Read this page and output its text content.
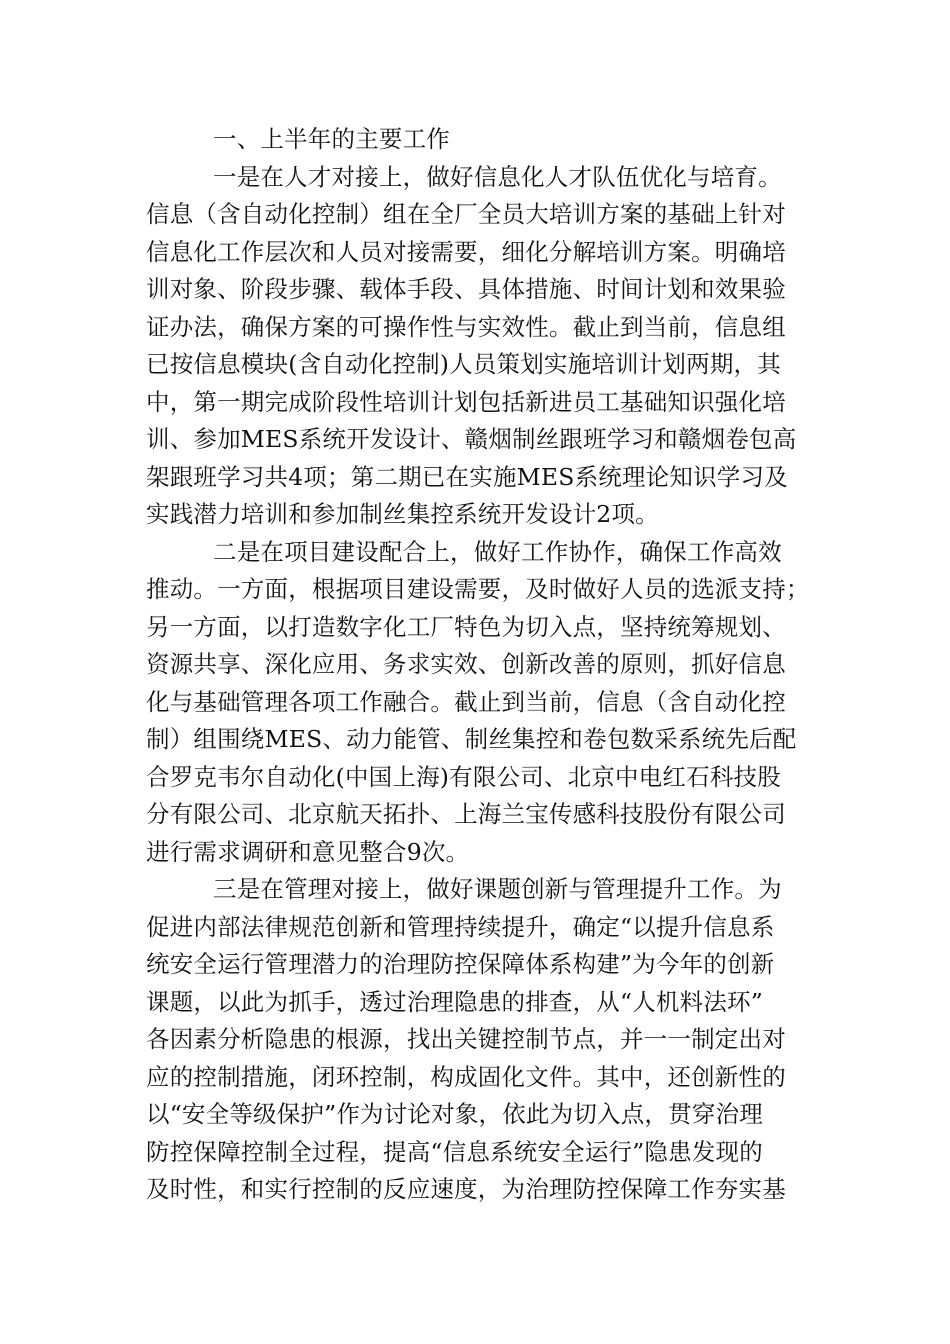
一、上半年的主要工作
一是在人才对接上，做好信息化人才队伍优化与培育。
信息（含自动化控制）组在全厂全员大培训方案的基础上针对
信息化工作层次和人员对接需要，细化分解培训方案。明确培
训对象、阶段步骤、载体手段、具体措施、时间计划和效果验
证办法，确保方案的可操作性与实效性。截止到当前，信息组
已按信息模块(含自动化控制)人员策划实施培训计划两期，其
中，第一期完成阶段性培训计划包括新进员工基础知识强化培
训、参加MES系统开发设计、赣烟制丝跟班学习和赣烟卷包高
架跟班学习共4项；第二期已在实施MES系统理论知识学习及
实践潜力培训和参加制丝集控系统开发设计2项。
二是在项目建设配合上，做好工作协作，确保工作高效
推动。一方面，根据项目建设需要，及时做好人员的选派支持；
另一方面，以打造数字化工厂特色为切入点，坚持统筹规划、
资源共享、深化应用、务求实效、创新改善的原则，抓好信息
化与基础管理各项工作融合。截止到当前，信息（含自动化控
制）组围绕MES、动力能管、制丝集控和卷包数采系统先后配
合罗克韦尔自动化(中国上海)有限公司、北京中电红石科技股
分有限公司、北京航天拓扑、上海兰宝传感科技股份有限公司
进行需求调研和意见整合9次。
三是在管理对接上，做好课题创新与管理提升工作。为
促进内部法律规范创新和管理持续提升，确定“以提升信息系
统安全运行管理潜力的治理防控保障体系构建”为今年的创新
课题，以此为抓手，透过治理隐患的排查，从“人机料法环”
各因素分析隐患的根源，找出关键控制节点，并一一制定出对
应的控制措施，闭环控制，构成固化文件。其中，还创新性的
以“安全等级保护”作为讨论对象，依此为切入点，贯穿治理
防控保障控制全过程，提高“信息系统安全运行”隐患发现的
及时性，和实行控制的反应速度，为治理防控保障工作夯实基
